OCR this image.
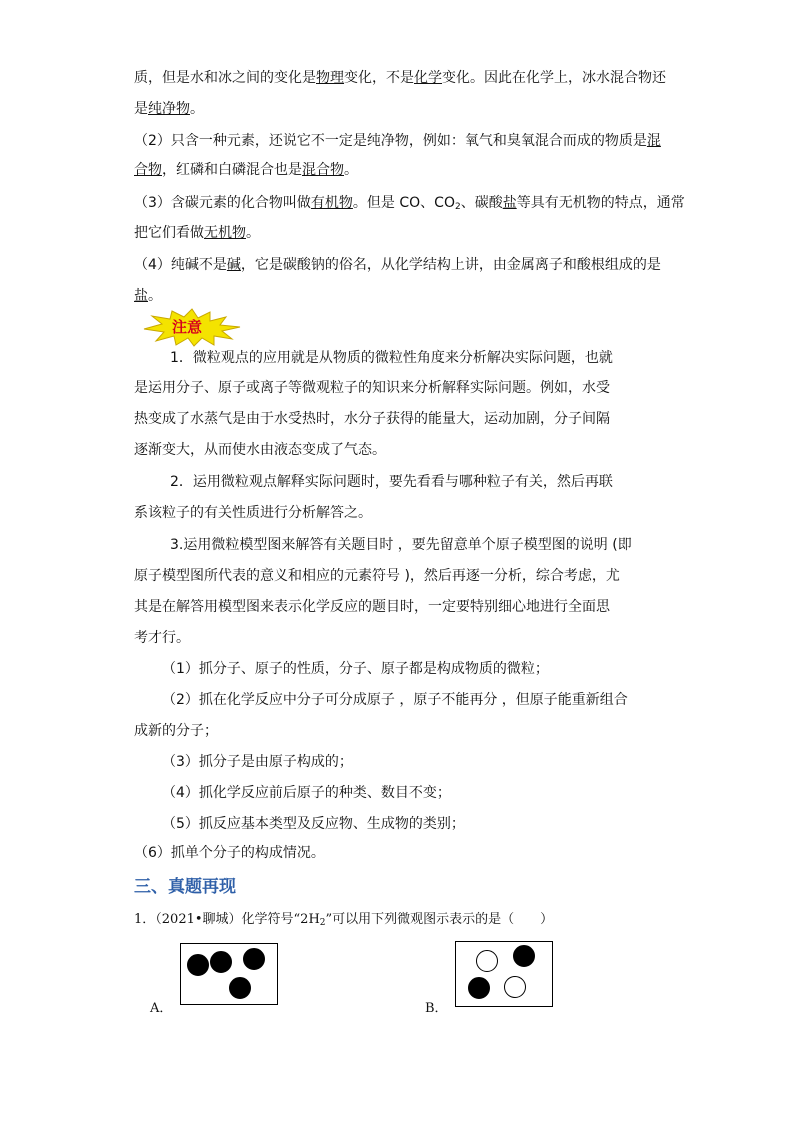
质，但是水和冰之间的变化是物理变化，不是化学变化。因此在化学上，冰水混合物还
是纯净物。
（2）只含一种元素，还说它不一定是纯净物，例如：氧气和臭氧混合而成的物质是混
合物，红磷和白磷混合也是混合物。
（3）含碳元素的化合物叫做有机物。但是 CO、$CO_2$、碳酸盐等具有无机物的特点，通常
把它们看做无机物。
（4）纯碱不是碱，它是碳酸钠的俗名，从化学结构上讲，由金属离子和酸根组成的是
盐。
注意
1．微粒观点的应用就是从物质的微粒性角度来分析解决实际问题，也就
是运用分子、原子或离子等微观粒子的知识来分析解释实际问题。例如，水受
热变成了水蒸气是由于水受热时，水分子获得的能量大，运动加剧，分子间隔
逐渐变大，从而使水由液态变成了气态。
2．运用微粒观点解释实际问题时，要先看看与哪种粒子有关，然后再联
系该粒子的有关性质进行分析解答之。
3.运用微粒模型图来解答有关题目时 ，要先留意单个原子模型图的说明 (即
原子模型图所代表的意义和相应的元素符号 )，然后再逐一分析，综合考虑，尤
其是在解答用模型图来表示化学反应的题目时，一定要特别细心地进行全面思
考才行。
（1）抓分子、原子的性质，分子、原子都是构成物质的微粒；
（2）抓在化学反应中分子可分成原子 ，原子不能再分 ，但原子能重新组合
成新的分子；
（3）抓分子是由原子构成的；
（4）抓化学反应前后原子的种类、数目不变；
（5）抓反应基本类型及反应物、生成物的类别；
（6）抓单个分子的构成情况。
三、真题再现
1．（2021•聊城）化学符号“$2H_2$”可以用下列微观图示表示的是（　　）
A．	B．
